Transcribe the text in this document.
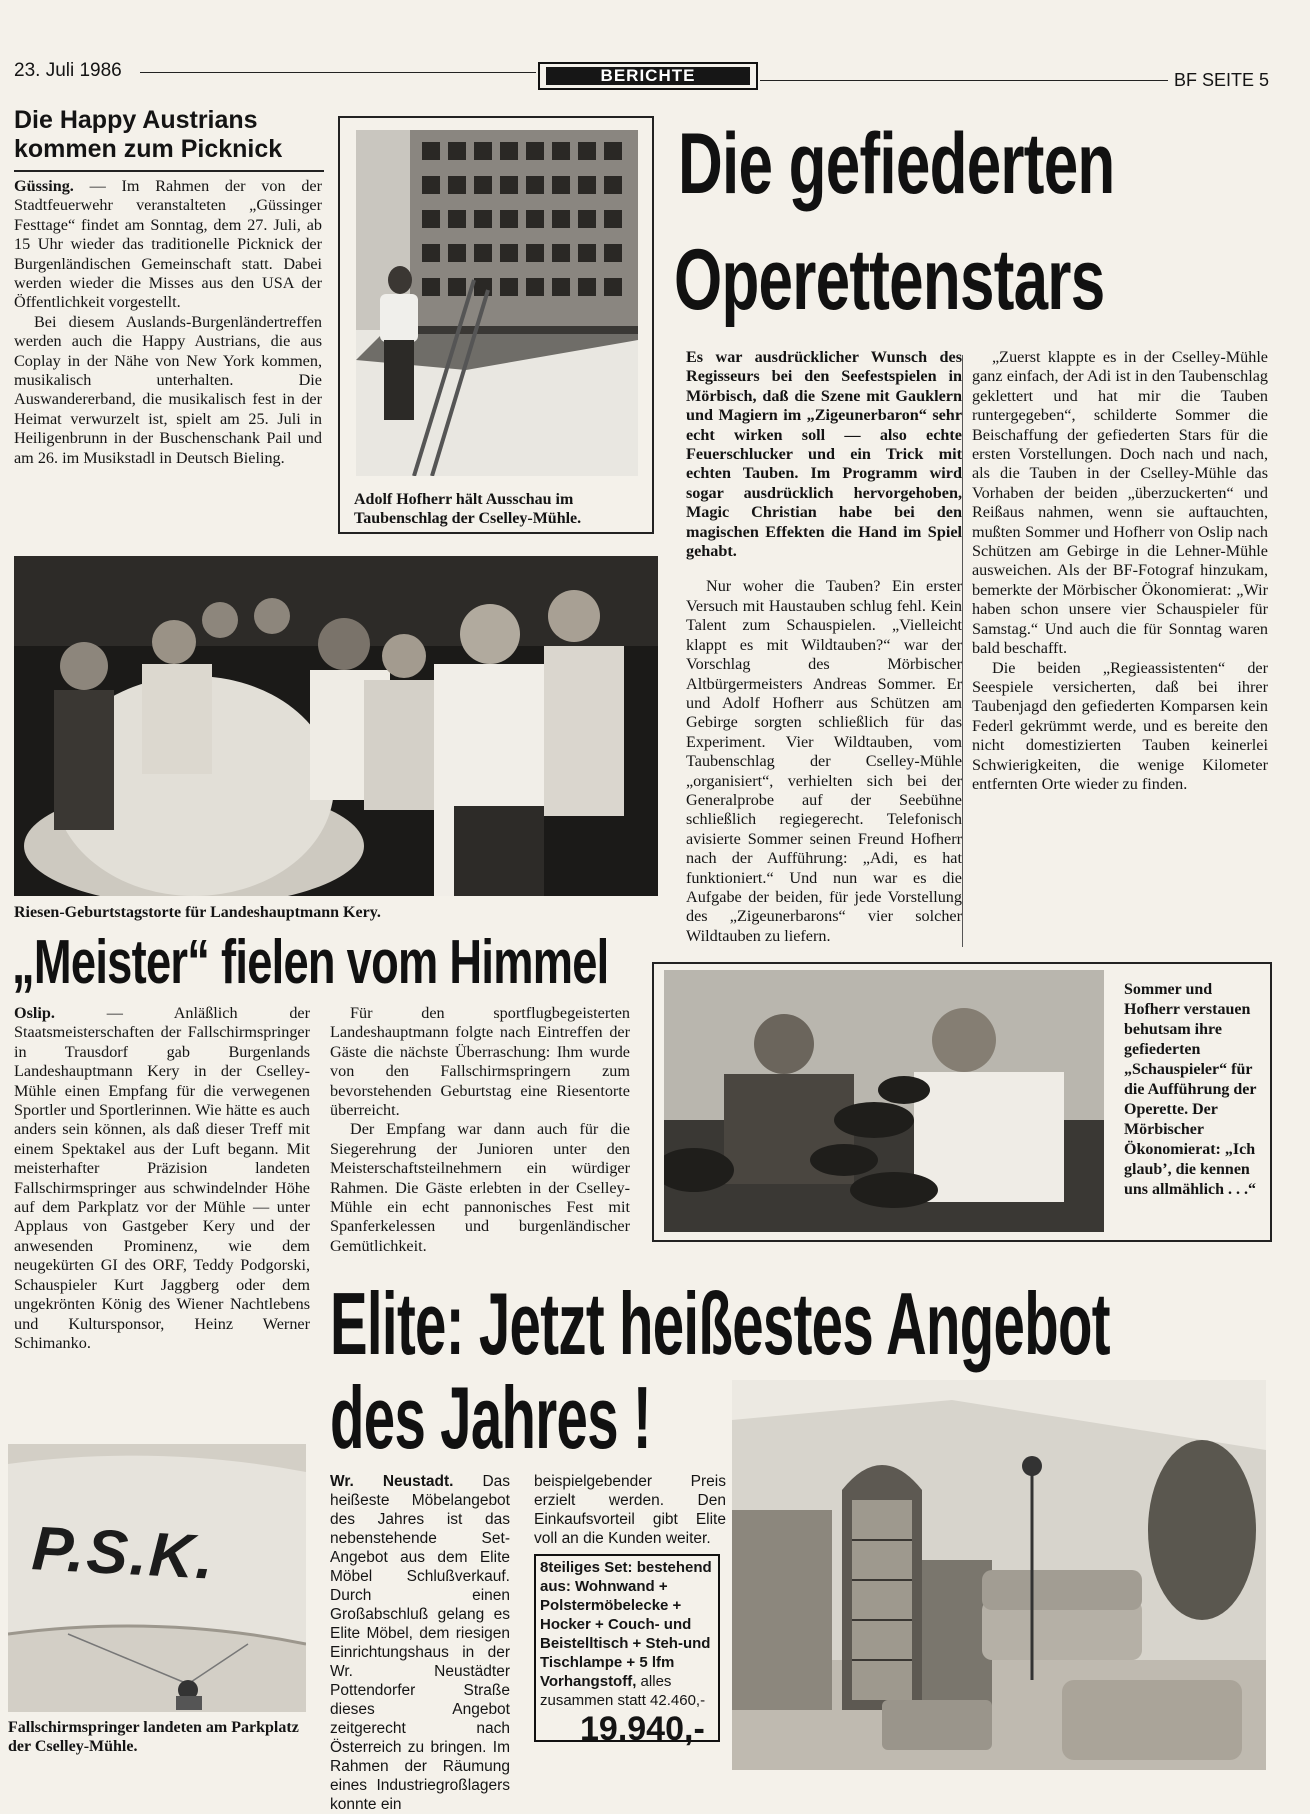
23. Juli 1986	BERICHTE	BF SEITE 5
Die Happy Austrians kommen zum Picknick

Güssing. — Im Rahmen der von der Stadtfeuerwehr veranstalteten „Güssinger Festtage“ findet am Sonntag, dem 27. Juli, ab 15 Uhr wieder das traditionelle Picknick der Burgenländischen Gemeinschaft statt. Dabei werden wieder die Misses aus den USA der Öffentlichkeit vorgestellt.

Bei diesem Auslands-Burgenländertreffen werden auch die Happy Austrians, die aus Coplay in der Nähe von New York kommen, musikalisch unterhalten. Die Auswandererband, die musikalisch fest in der Heimat verwurzelt ist, spielt am 25. Juli in Heiligenbrunn in der Buschenschank Pail und am 26. im Musikstadl in Deutsch Bieling.

Adolf Hofherr hält Ausschau im Taubenschlag der Cselley-Mühle.
Die gefiederten
Operettenstars

Es war ausdrücklicher Wunsch des Regisseurs bei den Seefestspielen in Mörbisch, daß die Szene mit Gauklern und Magiern im „Zigeunerbaron“ sehr echt wirken soll — also echte Feuerschlucker und ein Trick mit echten Tauben. Im Programm wird sogar ausdrücklich hervorgehoben, Magic Christian habe bei den magischen Effekten die Hand im Spiel gehabt.

Nur woher die Tauben? Ein erster Versuch mit Haustauben schlug fehl. Kein Talent zum Schauspielen. „Vielleicht klappt es mit Wildtauben?“ war der Vorschlag des Mörbischer Altbürgermeisters Andreas Sommer. Er und Adolf Hofherr aus Schützen am Gebirge sorgten schließlich für das Experiment. Vier Wildtauben, vom Taubenschlag der Cselley-Mühle „organisiert“, verhielten sich bei der Generalprobe auf der Seebühne schließlich regiegerecht. Telefonisch avisierte Sommer seinen Freund Hofherr nach der Aufführung: „Adi, es hat funktioniert.“ Und nun war es die Aufgabe der beiden, für jede Vorstellung des „Zigeunerbarons“ vier solcher Wildtauben zu liefern.

„Zuerst klappte es in der Cselley-Mühle ganz einfach, der Adi ist in den Taubenschlag geklettert und hat mir die Tauben runtergegeben“, schilderte Sommer die Beischaffung der gefiederten Stars für die ersten Vorstellungen. Doch nach und nach, als die Tauben in der Cselley-Mühle das Vorhaben der beiden „überzuckerten“ und Reißaus nahmen, wenn sie auftauchten, mußten Sommer und Hofherr von Oslip nach Schützen am Gebirge in die Lehner-Mühle ausweichen. Als der BF-Fotograf hinzukam, bemerkte der Mörbischer Ökonomierat: „Wir haben schon unsere vier Schauspieler für Samstag.“ Und auch die für Sonntag waren bald beschafft.

Die beiden „Regieassistenten“ der Seespiele versicherten, daß bei ihrer Taubenjagd den gefiederten Komparsen kein Federl gekrümmt werde, und es bereite den nicht domestizierten Tauben keinerlei Schwierigkeiten, die wenige Kilometer entfernten Orte wieder zu finden.

Riesen-Geburtstagstorte für Landeshauptmann Kery.
„Meister“ fielen vom Himmel

Oslip. — Anläßlich der Staatsmeisterschaften der Fallschirmspringer in Trausdorf gab Burgenlands Landeshauptmann Kery in der Cselley-Mühle einen Empfang für die verwegenen Sportler und Sportlerinnen. Wie hätte es auch anders sein können, als daß dieser Treff mit einem Spektakel aus der Luft begann. Mit meisterhafter Präzision landeten Fallschirmspringer aus schwindelnder Höhe auf dem Parkplatz vor der Mühle — unter Applaus von Gastgeber Kery und der anwesenden Prominenz, wie dem neugekürten GI des ORF, Teddy Podgorski, Schauspieler Kurt Jaggberg oder dem ungekrönten König des Wiener Nachtlebens und Kultursponsor, Heinz Werner Schimanko.

Für den sportflugbegeisterten Landeshauptmann folgte nach Eintreffen der Gäste die nächste Überraschung: Ihm wurde von den Fallschirmspringern zum bevorstehenden Geburtstag eine Riesentorte überreicht.

Der Empfang war dann auch für die Siegerehrung der Junioren unter den Meisterschaftsteilnehmern ein würdiger Rahmen. Die Gäste erlebten in der Cselley-Mühle ein echt pannonisches Fest mit Spanferkelessen und burgenländischer Gemütlichkeit.

Sommer und Hofherr verstauen behutsam ihre gefiederten „Schauspieler“ für die Aufführung der Operette. Der Mörbischer Ökonomierat: „Ich glaub’, die kennen uns allmählich . . .“
P.S.K.
Fallschirmspringer landeten am Parkplatz der Cselley-Mühle.
Elite: Jetzt heißestes Angebot
des Jahres !

Wr. Neustadt. Das heißeste Möbelangebot des Jahres ist das nebenstehende Set-Angebot aus dem Elite Möbel Schlußverkauf. Durch einen Großabschluß gelang es Elite Möbel, dem riesigen Einrichtungshaus in der Wr. Neustädter Pottendorfer Straße dieses Angebot zeitgerecht nach Österreich zu bringen. Im Rahmen der Räumung eines Industriegroßlagers konnte ein

beispielgebender Preis erzielt werden. Den Einkaufsvorteil gibt Elite voll an die Kunden weiter.

8teiliges Set: bestehend aus: Wohnwand + Polstermöbelecke + Hocker + Couch- und Beistelltisch + Steh-und Tischlampe + 5 lfm Vorhangstoff, alles zusammen statt 42.460,-
19.940,-
